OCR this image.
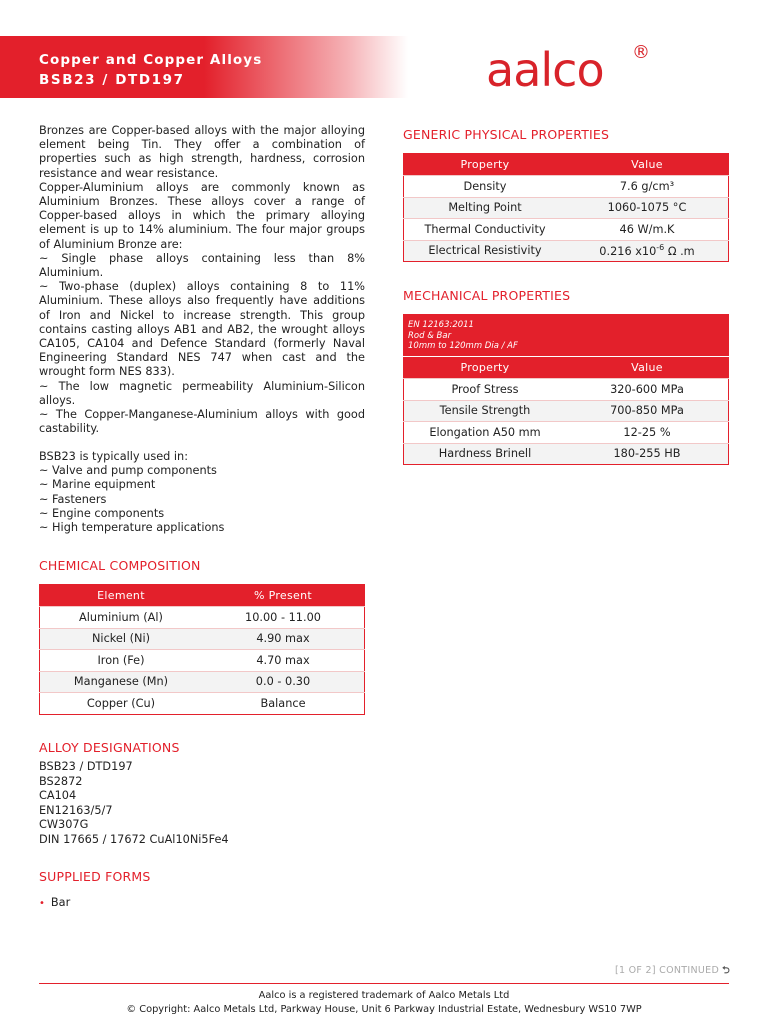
Copper and Copper Alloys
BSB23 / DTD197	aalco ®

Bronzes are Copper-based alloys with the major alloying element being Tin. They offer a combination of properties such as high strength, hardness, corrosion resistance and wear resistance.

Copper-Aluminium alloys are commonly known as Aluminium Bronzes. These alloys cover a range of Copper-based alloys in which the primary alloying element is up to 14% aluminium. The four major groups of Aluminium Bronze are:

~ Single phase alloys containing less than 8% Aluminium.

~ Two-phase (duplex) alloys containing 8 to 11% Aluminium. These alloys also frequently have additions of Iron and Nickel to increase strength. This group contains casting alloys AB1 and AB2, the wrought alloys CA105, CA104 and Defence Standard (formerly Naval Engineering Standard NES 747 when cast and the wrought form NES 833).

~ The low magnetic permeability Aluminium-Silicon alloys.

~ The Copper-Manganese-Aluminium alloys with good castability.

BSB23 is typically used in:
~ Valve and pump components
~ Marine equipment
~ Fasteners
~ Engine components
~ High temperature applications
CHEMICAL COMPOSITION
Element	% Present
Aluminium (Al)	10.00 - 11.00
Nickel (Ni)	4.90 max
Iron (Fe)	4.70 max
Manganese (Mn)	0.0 - 0.30
Copper (Cu)	Balance
ALLOY DESIGNATIONS
BSB23 / DTD197
BS2872
CA104
EN12163/5/7
CW307G
DIN 17665 / 17672 CuAl10Ni5Fe4
SUPPLIED FORMS
• Bar
GENERIC PHYSICAL PROPERTIES
Property	Value
Density	7.6 g/cm³
Melting Point	1060-1075 °C
Thermal Conductivity	46 W/m.K
Electrical Resistivity	0.216 $x10^{-6}$ Ω .m
MECHANICAL PROPERTIES
EN 12163:2011
Rod & Bar
10mm to 120mm Dia / AF
Property	Value
Proof Stress	320-600 MPa
Tensile Strength	700-850 MPa
Elongation A50 mm	12-25 %
Hardness Brinell	180-255 HB
[1 OF 2] CONTINUED ⮌
Aalco is a registered trademark of Aalco Metals Ltd
© Copyright: Aalco Metals Ltd, Parkway House, Unit 6 Parkway Industrial Estate, Wednesbury WS10 7WP
